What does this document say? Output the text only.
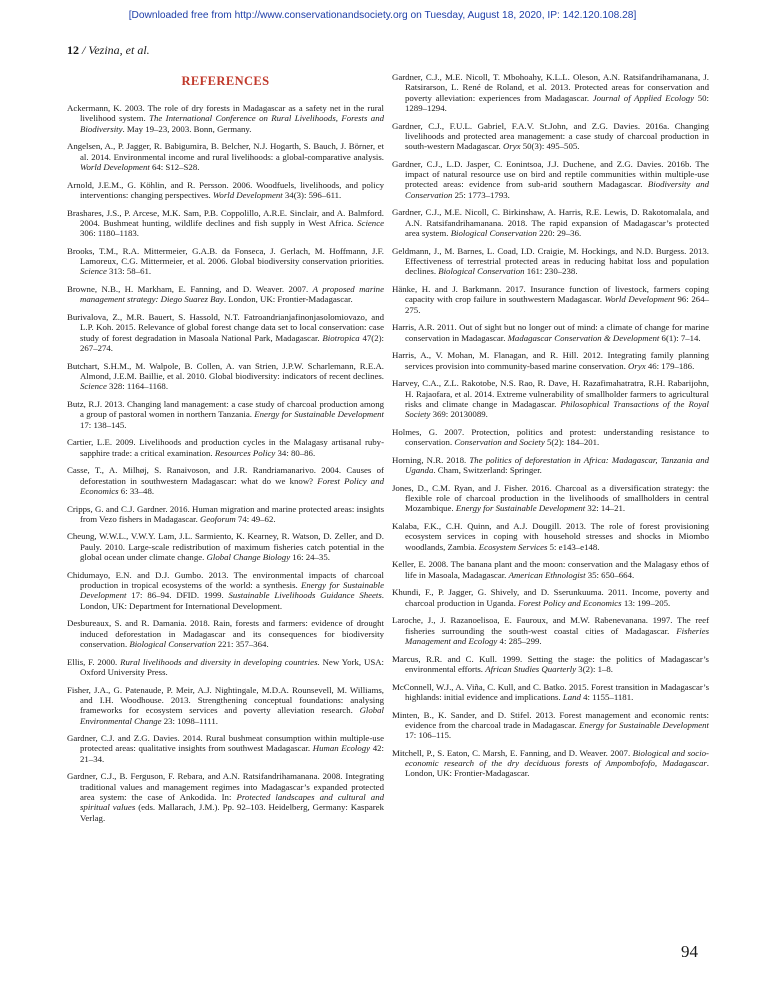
[Downloaded free from http://www.conservationandsociety.org on Tuesday, August 18, 2020, IP: 142.120.108.28]
12 / Vezina, et al.
REFERENCES

Ackermann, K. 2003. The role of dry forests in Madagascar as a safety net in the rural livelihood system. The International Conference on Rural Livelihoods, Forests and Biodiversity. May 19–23, 2003. Bonn, Germany.

Angelsen, A., P. Jagger, R. Babigumira, B. Belcher, N.J. Hogarth, S. Bauch, J. Börner, et al. 2014. Environmental income and rural livelihoods: a global-comparative analysis. World Development 64: S12–S28.

Arnold, J.E.M., G. Köhlin, and R. Persson. 2006. Woodfuels, livelihoods, and policy interventions: changing perspectives. World Development 34(3): 596–611.

Brashares, J.S., P. Arcese, M.K. Sam, P.B. Coppolillo, A.R.E. Sinclair, and A. Balmford. 2004. Bushmeat hunting, wildlife declines and fish supply in West Africa. Science 306: 1180–1183.

Brooks, T.M., R.A. Mittermeier, G.A.B. da Fonseca, J. Gerlach, M. Hoffmann, J.F. Lamoreux, C.G. Mittermeier, et al. 2006. Global biodiversity conservation priorities. Science 313: 58–61.

Browne, N.B., H. Markham, E. Fanning, and D. Weaver. 2007. A proposed marine management strategy: Diego Suarez Bay. London, UK: Frontier-Madagascar.

Burivalova, Z., M.R. Bauert, S. Hassold, N.T. Fatroandrianjafinonjasolomiovazo, and L.P. Koh. 2015. Relevance of global forest change data set to local conservation: case study of forest degradation in Masoala National Park, Madagascar. Biotropica 47(2): 267–274.

Butchart, S.H.M., M. Walpole, B. Collen, A. van Strien, J.P.W. Scharlemann, R.E.A. Almond, J.E.M. Baillie, et al. 2010. Global biodiversity: indicators of recent declines. Science 328: 1164–1168.

Butz, R.J. 2013. Changing land management: a case study of charcoal production among a group of pastoral women in northern Tanzania. Energy for Sustainable Development 17: 138–145.

Cartier, L.E. 2009. Livelihoods and production cycles in the Malagasy artisanal ruby-sapphire trade: a critical examination. Resources Policy 34: 80–86.

Casse, T., A. Milhøj, S. Ranaivoson, and J.R. Randriamanarivo. 2004. Causes of deforestation in southwestern Madagascar: what do we know? Forest Policy and Economics 6: 33–48.

Cripps, G. and C.J. Gardner. 2016. Human migration and marine protected areas: insights from Vezo fishers in Madagascar. Geoforum 74: 49–62.

Cheung, W.W.L., V.W.Y. Lam, J.L. Sarmiento, K. Kearney, R. Watson, D. Zeller, and D. Pauly. 2010. Large-scale redistribution of maximum fisheries catch potential in the global ocean under climate change. Global Change Biology 16: 24–35.

Chidumayo, E.N. and D.J. Gumbo. 2013. The environmental impacts of charcoal production in tropical ecosystems of the world: a synthesis. Energy for Sustainable Development 17: 86–94. DFID. 1999. Sustainable Livelihoods Guidance Sheets. London, UK: Department for International Development.

Desbureaux, S. and R. Damania. 2018. Rain, forests and farmers: evidence of drought induced deforestation in Madagascar and its consequences for biodiversity conservation. Biological Conservation 221: 357–364.

Ellis, F. 2000. Rural livelihoods and diversity in developing countries. New York, USA: Oxford University Press.

Fisher, J.A., G. Patenaude, P. Meir, A.J. Nightingale, M.D.A. Rounsevell, M. Williams, and I.H. Woodhouse. 2013. Strengthening conceptual foundations: analysing frameworks for ecosystem services and poverty alleviation research. Global Environmental Change 23: 1098–1111.

Gardner, C.J. and Z.G. Davies. 2014. Rural bushmeat consumption within multiple-use protected areas: qualitative insights from southwest Madagascar. Human Ecology 42: 21–34.

Gardner, C.J., B. Ferguson, F. Rebara, and A.N. Ratsifandrihamanana. 2008. Integrating traditional values and management regimes into Madagascar’s expanded protected area system: the case of Ankodida. In: Protected landscapes and cultural and spiritual values (eds. Mallarach, J.M.). Pp. 92–103. Heidelberg, Germany: Kasparek Verlag.

Gardner, C.J., M.E. Nicoll, T. Mbohoahy, K.L.L. Oleson, A.N. Ratsifandrihamanana, J. Ratsirarson, L. René de Roland, et al. 2013. Protected areas for conservation and poverty alleviation: experiences from Madagascar. Journal of Applied Ecology 50: 1289–1294.

Gardner, C.J., F.U.L. Gabriel, F.A.V. St.John, and Z.G. Davies. 2016a. Changing livelihoods and protected area management: a case study of charcoal production in south-western Madagascar. Oryx 50(3): 495–505.

Gardner, C.J., L.D. Jasper, C. Eonintsoa, J.J. Duchene, and Z.G. Davies. 2016b. The impact of natural resource use on bird and reptile communities within multiple-use protected areas: evidence from sub-arid southern Madagascar. Biodiversity and Conservation 25: 1773–1793.

Gardner, C.J., M.E. Nicoll, C. Birkinshaw, A. Harris, R.E. Lewis, D. Rakotomalala, and A.N. Ratsifandrihamanana. 2018. The rapid expansion of Madagascar’s protected area system. Biological Conservation 220: 29–36.

Geldmann, J., M. Barnes, L. Coad, I.D. Craigie, M. Hockings, and N.D. Burgess. 2013. Effectiveness of terrestrial protected areas in reducing habitat loss and population declines. Biological Conservation 161: 230–238.

Hänke, H. and J. Barkmann. 2017. Insurance function of livestock, farmers coping capacity with crop failure in southwestern Madagascar. World Development 96: 264–275.

Harris, A.R. 2011. Out of sight but no longer out of mind: a climate of change for marine conservation in Madagascar. Madagascar Conservation & Development 6(1): 7–14.

Harris, A., V. Mohan, M. Flanagan, and R. Hill. 2012. Integrating family planning services provision into community-based marine conservation. Oryx 46: 179–186.

Harvey, C.A., Z.L. Rakotobe, N.S. Rao, R. Dave, H. Razafimahatratra, R.H. Rabarijohn, H. Rajaofara, et al. 2014. Extreme vulnerability of smallholder farmers to agricultural risks and climate change in Madagascar. Philosophical Transactions of the Royal Society 369: 20130089.

Holmes, G. 2007. Protection, politics and protest: understanding resistance to conservation. Conservation and Society 5(2): 184–201.

Horning, N.R. 2018. The politics of deforestation in Africa: Madagascar, Tanzania and Uganda. Cham, Switzerland: Springer.

Jones, D., C.M. Ryan, and J. Fisher. 2016. Charcoal as a diversification strategy: the flexible role of charcoal production in the livelihoods of smallholders in central Mozambique. Energy for Sustainable Development 32: 14–21.

Kalaba, F.K., C.H. Quinn, and A.J. Dougill. 2013. The role of forest provisioning ecosystem services in coping with household stresses and shocks in Miombo woodlands, Zambia. Ecosystem Services 5: e143–e148.

Keller, E. 2008. The banana plant and the moon: conservation and the Malagasy ethos of life in Masoala, Madagascar. American Ethnologist 35: 650–664.

Khundi, F., P. Jagger, G. Shively, and D. Sserunkuuma. 2011. Income, poverty and charcoal production in Uganda. Forest Policy and Economics 13: 199–205.

Laroche, J., J. Razanoelisoa, E. Fauroux, and M.W. Rabenevanana. 1997. The reef fisheries surrounding the south-west coastal cities of Madagascar. Fisheries Management and Ecology 4: 285–299.

Marcus, R.R. and C. Kull. 1999. Setting the stage: the politics of Madagascar’s environmental efforts. African Studies Quarterly 3(2): 1–8.

McConnell, W.J., A. Viña, C. Kull, and C. Batko. 2015. Forest transition in Madagascar’s highlands: initial evidence and implications. Land 4: 1155–1181.

Minten, B., K. Sander, and D. Stifel. 2013. Forest management and economic rents: evidence from the charcoal trade in Madagascar. Energy for Sustainable Development 17: 106–115.

Mitchell, P., S. Eaton, C. Marsh, E. Fanning, and D. Weaver. 2007. Biological and socio-economic research of the dry deciduous forests of Ampombofofo, Madagascar. London, UK: Frontier-Madagascar.

94
